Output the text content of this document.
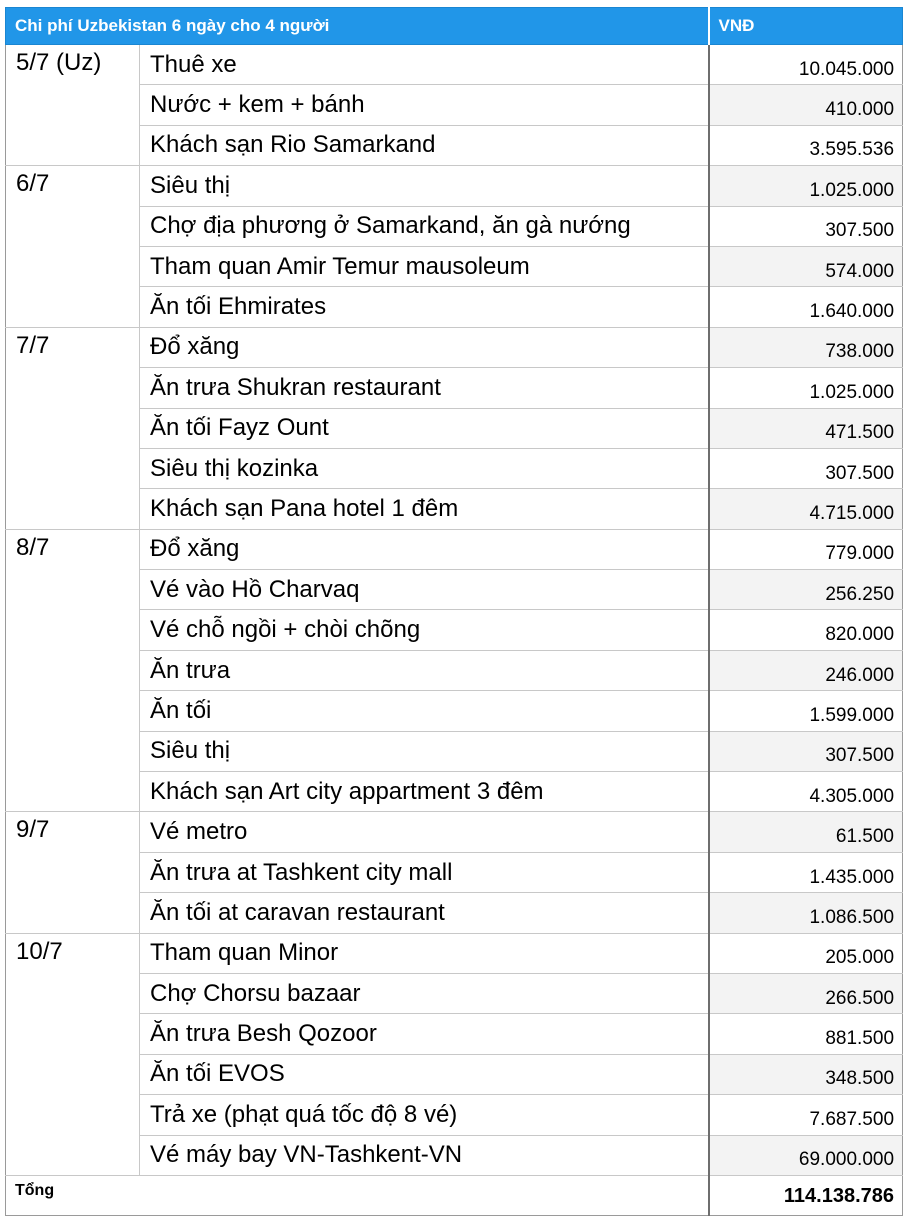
Chi phí Uzbekistan 6 ngày cho 4 người		VNĐ
5/7 (Uz)	Thuê xe	10.045.000
	Nước + kem + bánh	410.000
	Khách sạn Rio Samarkand	3.595.536
6/7	Siêu thị	1.025.000
	Chợ địa phương ở Samarkand, ăn gà nướng	307.500
	Tham quan Amir Temur mausoleum	574.000
	Ăn tối Ehmirates	1.640.000
7/7	Đổ xăng	738.000
	Ăn trưa Shukran restaurant	1.025.000
	Ăn tối Fayz Ount	471.500
	Siêu thị kozinka	307.500
	Khách sạn Pana hotel 1 đêm	4.715.000
8/7	Đổ xăng	779.000
	Vé vào Hồ Charvaq	256.250
	Vé chỗ ngồi + chòi chõng	820.000
	Ăn trưa	246.000
	Ăn tối	1.599.000
	Siêu thị	307.500
	Khách sạn Art city appartment 3 đêm	4.305.000
9/7	Vé metro	61.500
	Ăn trưa at Tashkent city mall	1.435.000
	Ăn tối at caravan restaurant	1.086.500
10/7	Tham quan Minor	205.000
	Chợ Chorsu bazaar	266.500
	Ăn trưa Besh Qozoor	881.500
	Ăn tối EVOS	348.500
	Trả xe (phạt quá tốc độ 8 vé)	7.687.500
	Vé máy bay VN-Tashkent-VN	69.000.000
Tổng		114.138.786
